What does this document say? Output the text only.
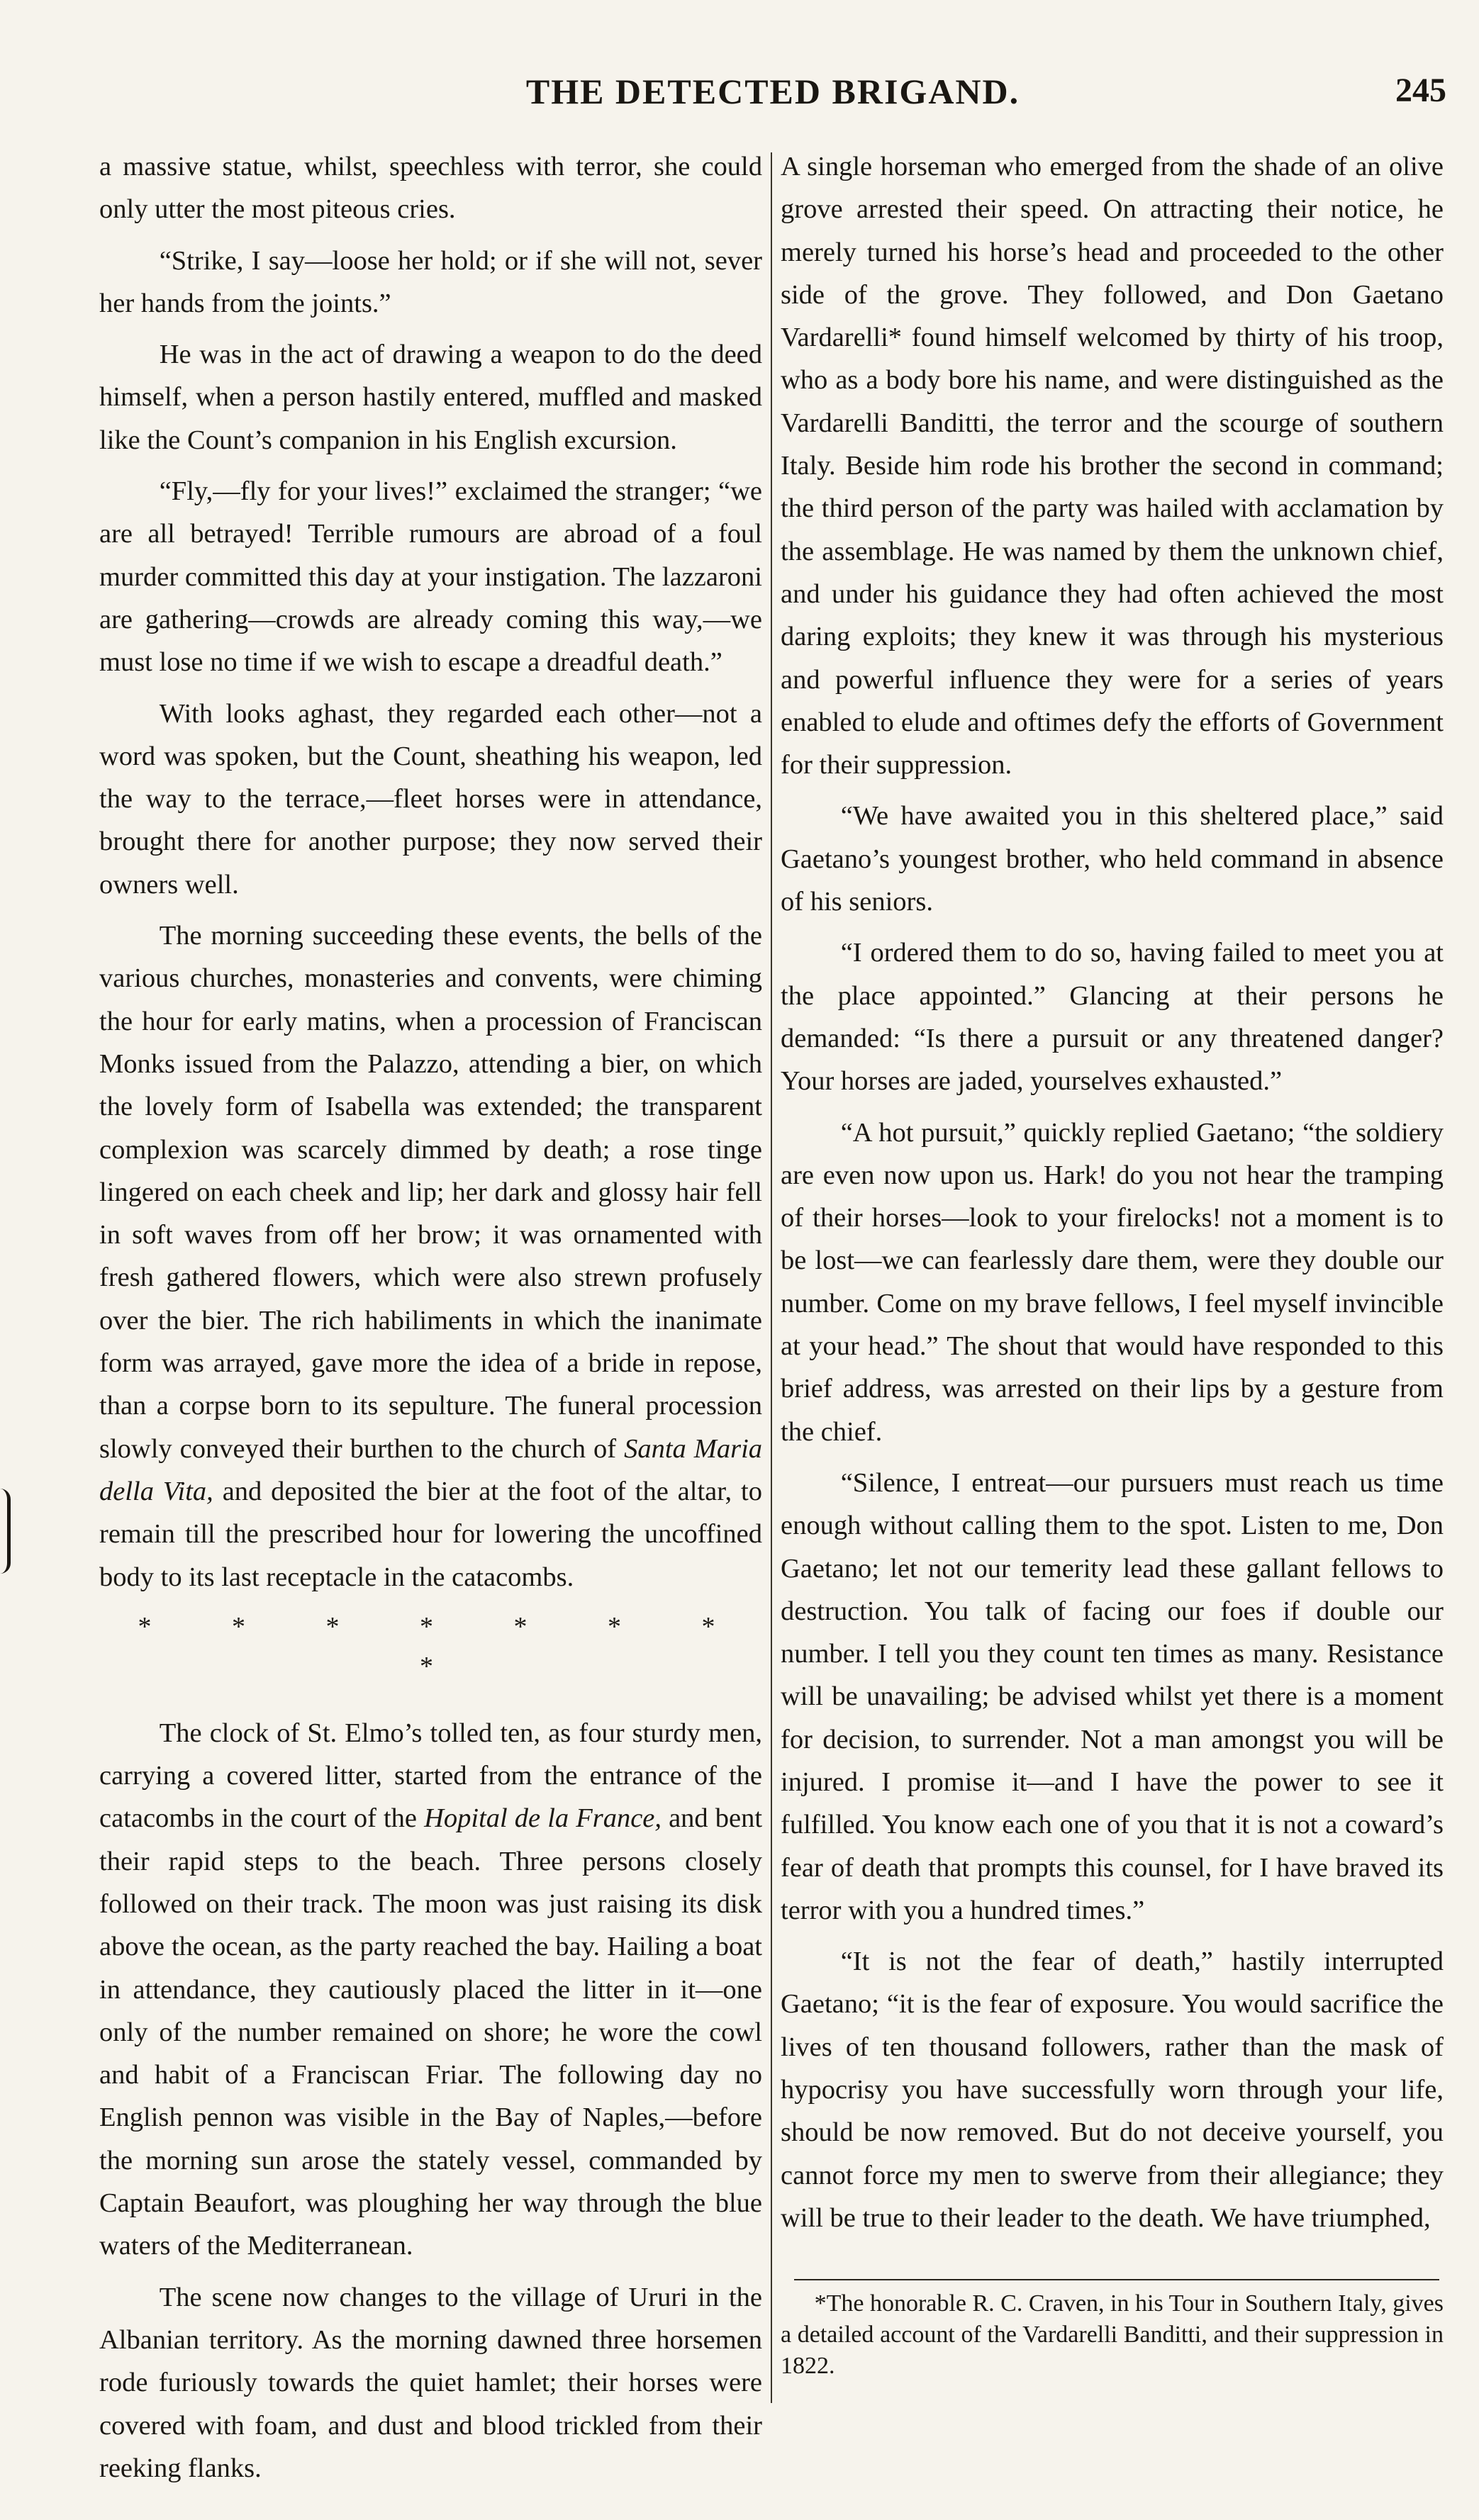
THE DETECTED BRIGAND.	245

a massive statue, whilst, speechless with terror, she could only utter the most piteous cries.

“Strike, I say—loose her hold; or if she will not, sever her hands from the joints.”

He was in the act of drawing a weapon to do the deed himself, when a person hastily entered, muffled and masked like the Count’s companion in his English excursion.

“Fly,—fly for your lives!” exclaimed the stranger; “we are all betrayed! Terrible rumours are abroad of a foul murder committed this day at your instigation. The lazzaroni are gathering—crowds are already coming this way,—we must lose no time if we wish to escape a dreadful death.”

With looks aghast, they regarded each other—not a word was spoken, but the Count, sheathing his weapon, led the way to the terrace,—fleet horses were in attendance, brought there for another purpose; they now served their owners well.

The morning succeeding these events, the bells of the various churches, monasteries and convents, were chiming the hour for early matins, when a procession of Franciscan Monks issued from the Palazzo, attending a bier, on which the lovely form of Isabella was extended; the transparent complexion was scarcely dimmed by death; a rose tinge lingered on each cheek and lip; her dark and glossy hair fell in soft waves from off her brow; it was ornamented with fresh gathered flowers, which were also strewn profusely over the bier. The rich habiliments in which the inanimate form was arrayed, gave more the idea of a bride in repose, than a corpse born to its sepulture. The funeral procession slowly conveyed their burthen to the church of Santa Maria della Vita, and deposited the bier at the foot of the altar, to remain till the prescribed hour for lowering the uncoffined body to its last receptacle in the catacombs.

* * * * * * * *

The clock of St. Elmo’s tolled ten, as four sturdy men, carrying a covered litter, started from the entrance of the catacombs in the court of the Hopital de la France, and bent their rapid steps to the beach. Three persons closely followed on their track. The moon was just raising its disk above the ocean, as the party reached the bay. Hailing a boat in attendance, they cautiously placed the litter in it—one only of the number remained on shore; he wore the cowl and habit of a Franciscan Friar. The following day no English pennon was visible in the Bay of Naples,—before the morning sun arose the stately vessel, commanded by Captain Beaufort, was ploughing her way through the blue waters of the Mediterranean.

The scene now changes to the village of Ururi in the Albanian territory. As the morning dawned three horsemen rode furiously towards the quiet hamlet; their horses were covered with foam, and dust and blood trickled from their reeking flanks.

A single horseman who emerged from the shade of an olive grove arrested their speed. On attracting their notice, he merely turned his horse’s head and proceeded to the other side of the grove. They followed, and Don Gaetano Vardarelli* found himself welcomed by thirty of his troop, who as a body bore his name, and were distinguished as the Vardarelli Banditti, the terror and the scourge of southern Italy. Beside him rode his brother the second in command; the third person of the party was hailed with acclamation by the assemblage. He was named by them the unknown chief, and under his guidance they had often achieved the most daring exploits; they knew it was through his mysterious and powerful influence they were for a series of years enabled to elude and oftimes defy the efforts of Government for their suppression.

“We have awaited you in this sheltered place,” said Gaetano’s youngest brother, who held command in absence of his seniors.

“I ordered them to do so, having failed to meet you at the place appointed.” Glancing at their persons he demanded: “Is there a pursuit or any threatened danger? Your horses are jaded, yourselves exhausted.”

“A hot pursuit,” quickly replied Gaetano; “the soldiery are even now upon us. Hark! do you not hear the tramping of their horses—look to your firelocks! not a moment is to be lost—we can fearlessly dare them, were they double our number. Come on my brave fellows, I feel myself invincible at your head.” The shout that would have responded to this brief address, was arrested on their lips by a gesture from the chief.

“Silence, I entreat—our pursuers must reach us time enough without calling them to the spot. Listen to me, Don Gaetano; let not our temerity lead these gallant fellows to destruction. You talk of facing our foes if double our number. I tell you they count ten times as many. Resistance will be unavailing; be advised whilst yet there is a moment for decision, to surrender. Not a man amongst you will be injured. I promise it—and I have the power to see it fulfilled. You know each one of you that it is not a coward’s fear of death that prompts this counsel, for I have braved its terror with you a hundred times.”

“It is not the fear of death,” hastily interrupted Gaetano; “it is the fear of exposure. You would sacrifice the lives of ten thousand followers, rather than the mask of hypocrisy you have successfully worn through your life, should be now removed. But do not deceive yourself, you cannot force my men to swerve from their allegiance; they will be true to their leader to the death. We have triumphed,

*The honorable R. C. Craven, in his Tour in Southern Italy, gives a detailed account of the Vardarelli Banditti, and their suppression in 1822.
